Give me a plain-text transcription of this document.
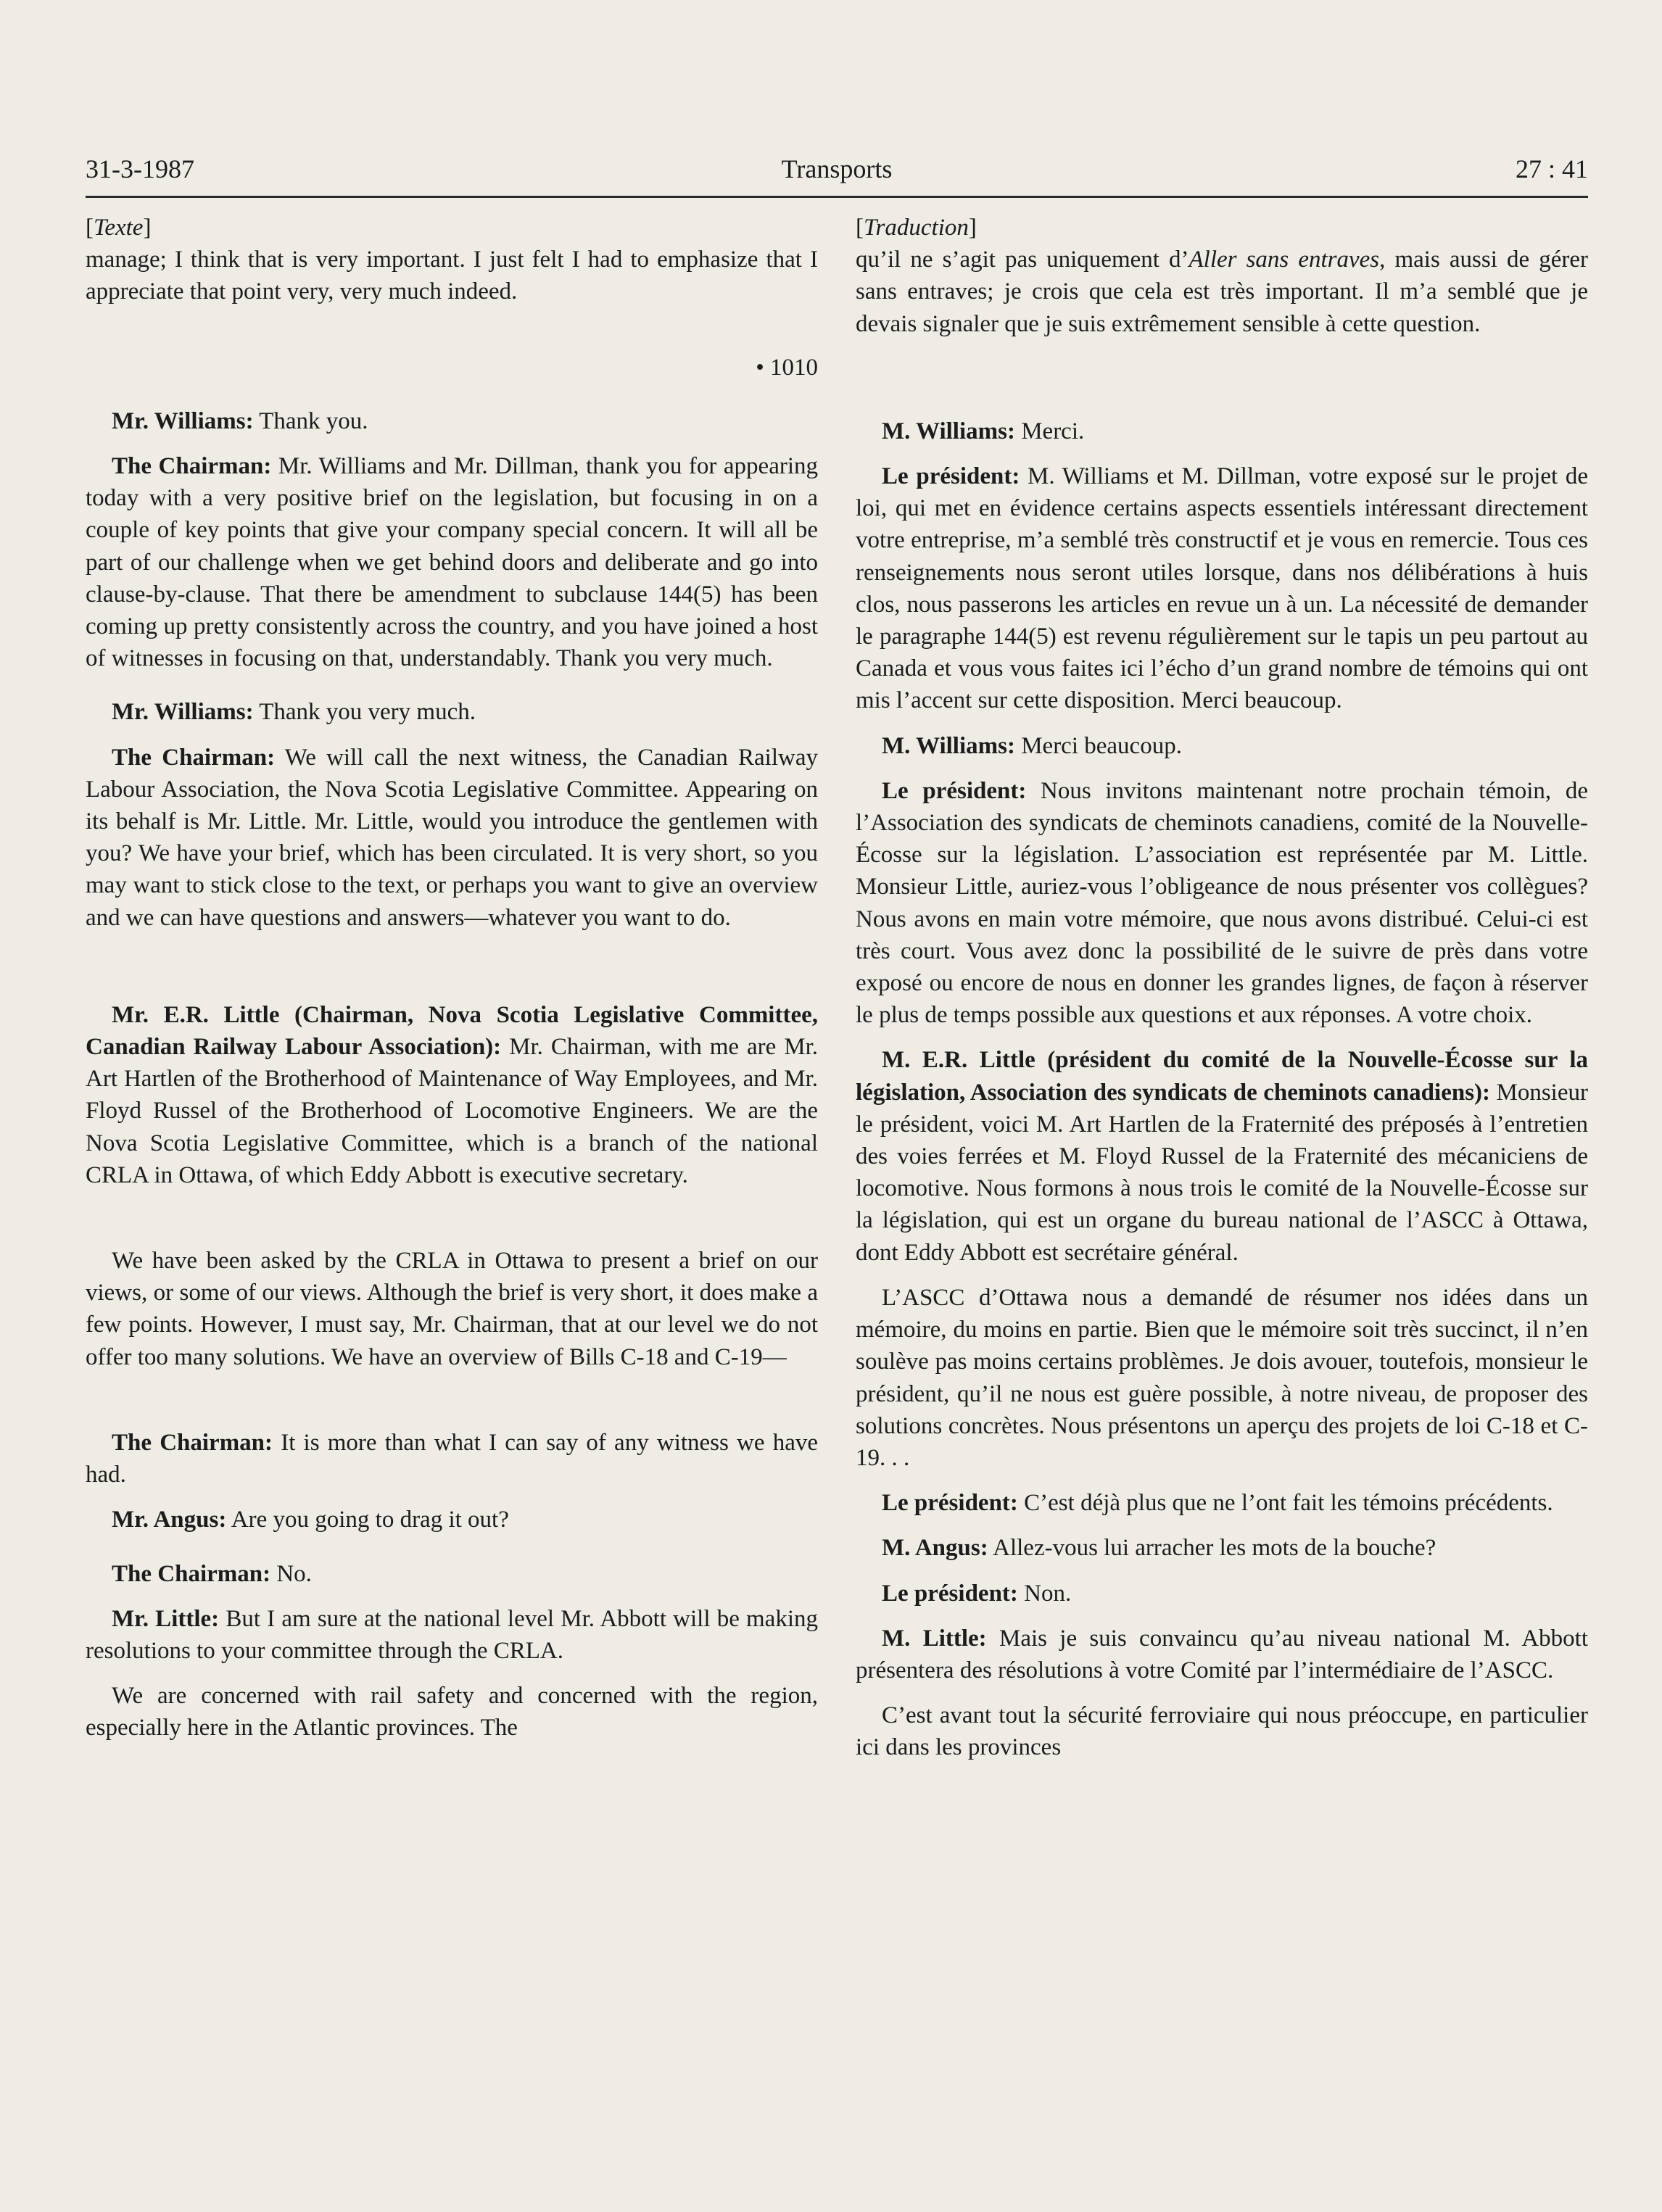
31-3-1987	Transports	27 : 41

[Texte]

manage; I think that is very important. I just felt I had to emphasize that I appreciate that point very, very much indeed.

• 1010

Mr. Williams: Thank you.

The Chairman: Mr. Williams and Mr. Dillman, thank you for appearing today with a very positive brief on the legislation, but focusing in on a couple of key points that give your company special concern. It will all be part of our challenge when we get behind doors and deliberate and go into clause-by-clause. That there be amendment to subclause 144(5) has been coming up pretty consistently across the country, and you have joined a host of witnesses in focusing on that, understandably. Thank you very much.

Mr. Williams: Thank you very much.

The Chairman: We will call the next witness, the Canadian Railway Labour Association, the Nova Scotia Legislative Committee. Appearing on its behalf is Mr. Little. Mr. Little, would you introduce the gentlemen with you? We have your brief, which has been circulated. It is very short, so you may want to stick close to the text, or perhaps you want to give an overview and we can have questions and answers—whatever you want to do.

Mr. E.R. Little (Chairman, Nova Scotia Legislative Committee, Canadian Railway Labour Association): Mr. Chairman, with me are Mr. Art Hartlen of the Brotherhood of Maintenance of Way Employees, and Mr. Floyd Russel of the Brotherhood of Locomotive Engineers. We are the Nova Scotia Legislative Committee, which is a branch of the national CRLA in Ottawa, of which Eddy Abbott is executive secretary.

We have been asked by the CRLA in Ottawa to present a brief on our views, or some of our views. Although the brief is very short, it does make a few points. However, I must say, Mr. Chairman, that at our level we do not offer too many solutions. We have an overview of Bills C-18 and C-19—

The Chairman: It is more than what I can say of any witness we have had.

Mr. Angus: Are you going to drag it out?

The Chairman: No.

Mr. Little: But I am sure at the national level Mr. Abbott will be making resolutions to your committee through the CRLA.

We are concerned with rail safety and concerned with the region, especially here in the Atlantic provinces. The

[Traduction]

qu’il ne s’agit pas uniquement d’Aller sans entraves, mais aussi de gérer sans entraves; je crois que cela est très important. Il m’a semblé que je devais signaler que je suis extrêmement sensible à cette question.

M. Williams: Merci.

Le président: M. Williams et M. Dillman, votre exposé sur le projet de loi, qui met en évidence certains aspects essentiels intéressant directement votre entreprise, m’a semblé très constructif et je vous en remercie. Tous ces renseignements nous seront utiles lorsque, dans nos délibérations à huis clos, nous passerons les articles en revue un à un. La nécessité de demander le paragraphe 144(5) est revenu régulièrement sur le tapis un peu partout au Canada et vous vous faites ici l’écho d’un grand nombre de témoins qui ont mis l’accent sur cette disposition. Merci beaucoup.

M. Williams: Merci beaucoup.

Le président: Nous invitons maintenant notre prochain témoin, de l’Association des syndicats de cheminots canadiens, comité de la Nouvelle-Écosse sur la législation. L’association est représentée par M. Little. Monsieur Little, auriez-vous l’obligeance de nous présenter vos collègues? Nous avons en main votre mémoire, que nous avons distribué. Celui-ci est très court. Vous avez donc la possibilité de le suivre de près dans votre exposé ou encore de nous en donner les grandes lignes, de façon à réserver le plus de temps possible aux questions et aux réponses. A votre choix.

M. E.R. Little (président du comité de la Nouvelle-Écosse sur la législation, Association des syndicats de cheminots canadiens): Monsieur le président, voici M. Art Hartlen de la Fraternité des préposés à l’entretien des voies ferrées et M. Floyd Russel de la Fraternité des mécaniciens de locomotive. Nous formons à nous trois le comité de la Nouvelle-Écosse sur la législation, qui est un organe du bureau national de l’ASCC à Ottawa, dont Eddy Abbott est secrétaire général.

L’ASCC d’Ottawa nous a demandé de résumer nos idées dans un mémoire, du moins en partie. Bien que le mémoire soit très succinct, il n’en soulève pas moins certains problèmes. Je dois avouer, toutefois, monsieur le président, qu’il ne nous est guère possible, à notre niveau, de proposer des solutions concrètes. Nous présentons un aperçu des projets de loi C-18 et C-19. . .

Le président: C’est déjà plus que ne l’ont fait les témoins précédents.

M. Angus: Allez-vous lui arracher les mots de la bouche?

Le président: Non.

M. Little: Mais je suis convaincu qu’au niveau national M. Abbott présentera des résolutions à votre Comité par l’intermédiaire de l’ASCC.

C’est avant tout la sécurité ferroviaire qui nous préoccupe, en particulier ici dans les provinces
